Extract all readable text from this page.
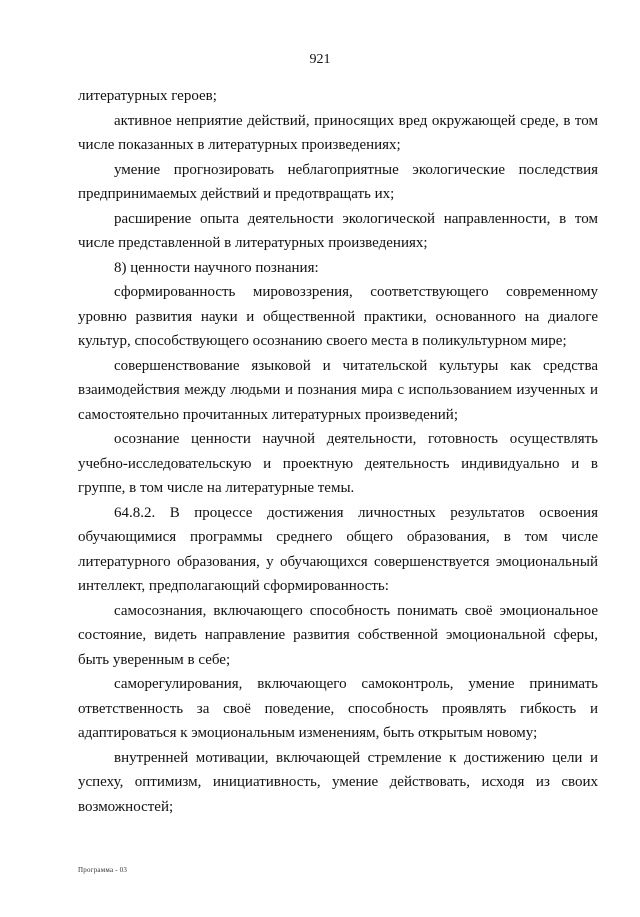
921

литературных героев;

активное неприятие действий, приносящих вред окружающей среде, в том числе показанных в литературных произведениях;

умение прогнозировать неблагоприятные экологические последствия предпринимаемых действий и предотвращать их;

расширение опыта деятельности экологической направленности, в том числе представленной в литературных произведениях;

8) ценности научного познания:

сформированность мировоззрения, соответствующего современному уровню развития науки и общественной практики, основанного на диалоге культур, способствующего осознанию своего места в поликультурном мире;

совершенствование языковой и читательской культуры как средства взаимодействия между людьми и познания мира с использованием изученных и самостоятельно прочитанных литературных произведений;

осознание ценности научной деятельности, готовность осуществлять учебно-исследовательскую и проектную деятельность индивидуально и в группе, в том числе на литературные темы.

64.8.2. В процессе достижения личностных результатов освоения обучающимися программы среднего общего образования, в том числе литературного образования, у обучающихся совершенствуется эмоциональный интеллект, предполагающий сформированность:

самосознания, включающего способность понимать своё эмоциональное состояние, видеть направление развития собственной эмоциональной сферы, быть уверенным в себе;

саморегулирования, включающего самоконтроль, умение принимать ответственность за своё поведение, способность проявлять гибкость и адаптироваться к эмоциональным изменениям, быть открытым новому;

внутренней мотивации, включающей стремление к достижению цели и успеху, оптимизм, инициативность, умение действовать, исходя из своих возможностей;

Программа - 03
